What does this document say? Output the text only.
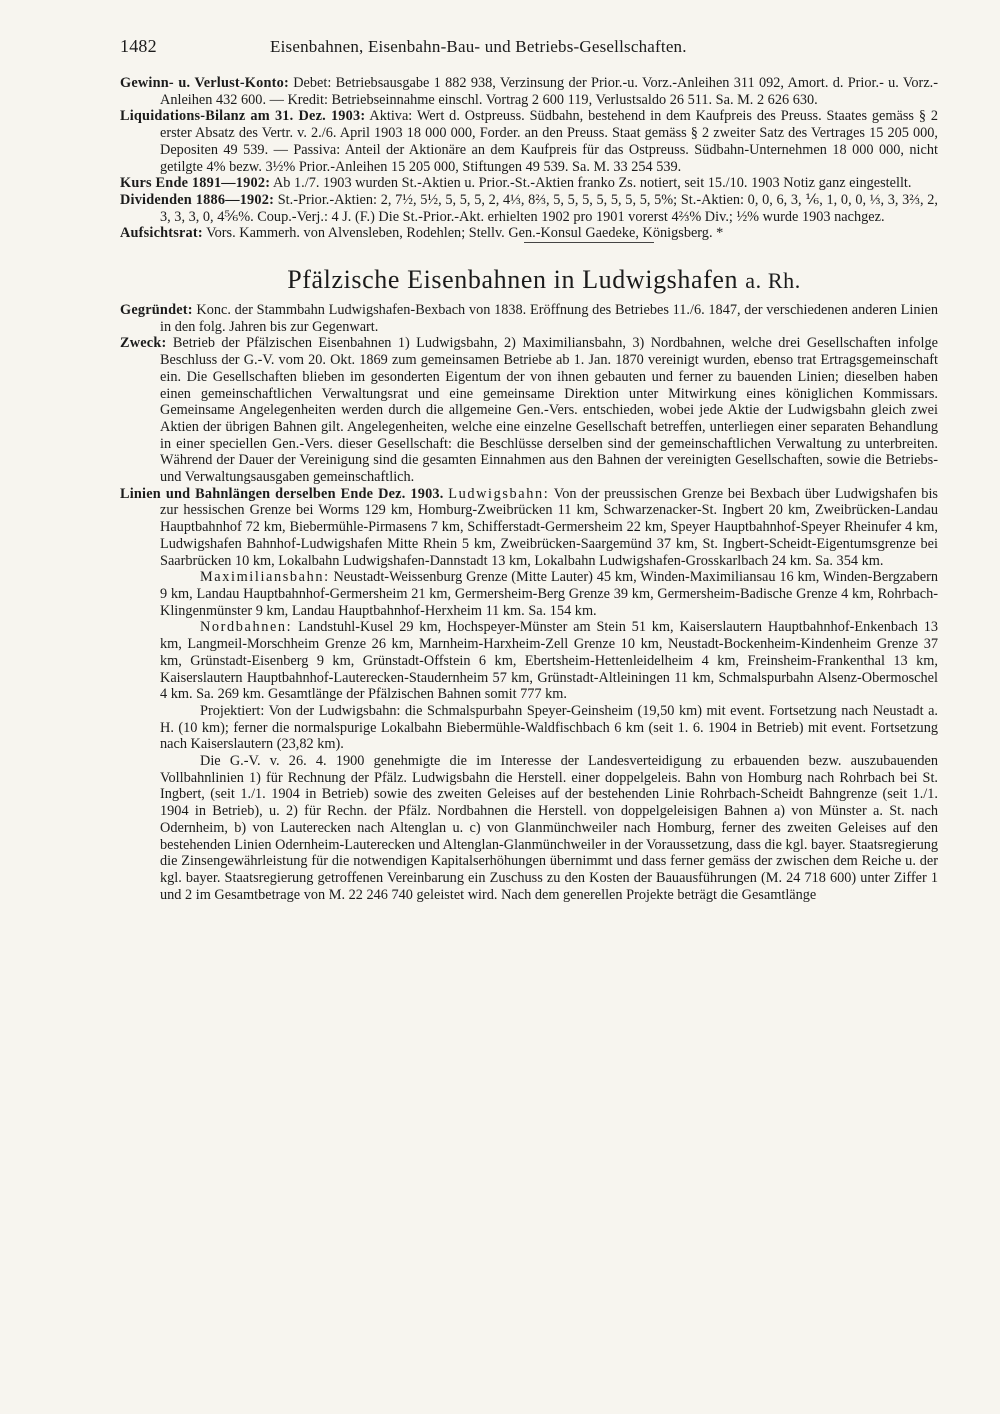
1482	Eisenbahnen, Eisenbahn-Bau- und Betriebs-Gesellschaften.

Gewinn- u. Verlust-Konto: Debet: Betriebsausgabe 1 882 938, Verzinsung der Prior.-u. Vorz.-Anleihen 311 092, Amort. d. Prior.- u. Vorz.-Anleihen 432 600. — Kredit: Betriebseinnahme einschl. Vortrag 2 600 119, Verlustsaldo 26 511. Sa. M. 2 626 630.

Liquidations-Bilanz am 31. Dez. 1903: Aktiva: Wert d. Ostpreuss. Südbahn, bestehend in dem Kaufpreis des Preuss. Staates gemäss § 2 erster Absatz des Vertr. v. 2./6. April 1903 18 000 000, Forder. an den Preuss. Staat gemäss § 2 zweiter Satz des Vertrages 15 205 000, Depositen 49 539. — Passiva: Anteil der Aktionäre an dem Kaufpreis für das Ostpreuss. Südbahn-Unternehmen 18 000 000, nicht getilgte 4% bezw. 3½% Prior.-Anleihen 15 205 000, Stiftungen 49 539. Sa. M. 33 254 539.

Kurs Ende 1891—1902: Ab 1./7. 1903 wurden St.-Aktien u. Prior.-St.-Aktien franko Zs. notiert, seit 15./10. 1903 Notiz ganz eingestellt.

Dividenden 1886—1902: St.-Prior.-Aktien: 2, 7½, 5½, 5, 5, 5, 2, 4⅓, 8⅔, 5, 5, 5, 5, 5, 5, 5, 5%; St.-Aktien: 0, 0, 6, 3, ⅙, 1, 0, 0, ⅓, 3, 3⅔, 2, 3, 3, 3, 0, 4⅚%. Coup.-Verj.: 4 J. (F.) Die St.-Prior.-Akt. erhielten 1902 pro 1901 vorerst 4⅔% Div.; ½% wurde 1903 nachgez.

Aufsichtsrat: Vors. Kammerh. von Alvensleben, Rodehlen; Stellv. Gen.-Konsul Gaedeke, Königsberg. *

Pfälzische Eisenbahnen in Ludwigshafen a. Rh.

Gegründet: Konc. der Stammbahn Ludwigshafen-Bexbach von 1838. Eröffnung des Betriebes 11./6. 1847, der verschiedenen anderen Linien in den folg. Jahren bis zur Gegenwart.

Zweck: Betrieb der Pfälzischen Eisenbahnen 1) Ludwigsbahn, 2) Maximiliansbahn, 3) Nordbahnen, welche drei Gesellschaften infolge Beschluss der G.-V. vom 20. Okt. 1869 zum gemeinsamen Betriebe ab 1. Jan. 1870 vereinigt wurden, ebenso trat Ertragsgemeinschaft ein. Die Gesellschaften blieben im gesonderten Eigentum der von ihnen gebauten und ferner zu bauenden Linien; dieselben haben einen gemeinschaftlichen Verwaltungsrat und eine gemeinsame Direktion unter Mitwirkung eines königlichen Kommissars. Gemeinsame Angelegenheiten werden durch die allgemeine Gen.-Vers. entschieden, wobei jede Aktie der Ludwigsbahn gleich zwei Aktien der übrigen Bahnen gilt. Angelegenheiten, welche eine einzelne Gesellschaft betreffen, unterliegen einer separaten Behandlung in einer speciellen Gen.-Vers. dieser Gesellschaft: die Beschlüsse derselben sind der gemeinschaftlichen Verwaltung zu unterbreiten. Während der Dauer der Vereinigung sind die gesamten Einnahmen aus den Bahnen der vereinigten Gesellschaften, sowie die Betriebs- und Verwaltungsausgaben gemeinschaftlich.

Linien und Bahnlängen derselben Ende Dez. 1903. Ludwigsbahn: Von der preussischen Grenze bei Bexbach über Ludwigshafen bis zur hessischen Grenze bei Worms 129 km, Homburg-Zweibrücken 11 km, Schwarzenacker-St. Ingbert 20 km, Zweibrücken-Landau Hauptbahnhof 72 km, Biebermühle-Pirmasens 7 km, Schifferstadt-Germersheim 22 km, Speyer Hauptbahnhof-Speyer Rheinufer 4 km, Ludwigshafen Bahnhof-Ludwigshafen Mitte Rhein 5 km, Zweibrücken-Saargemünd 37 km, St. Ingbert-Scheidt-Eigentumsgrenze bei Saarbrücken 10 km, Lokalbahn Ludwigshafen-Dannstadt 13 km, Lokalbahn Ludwigshafen-Grosskarlbach 24 km. Sa. 354 km.

Maximiliansbahn: Neustadt-Weissenburg Grenze (Mitte Lauter) 45 km, Winden-Maximiliansau 16 km, Winden-Bergzabern 9 km, Landau Hauptbahnhof-Germersheim 21 km, Germersheim-Berg Grenze 39 km, Germersheim-Badische Grenze 4 km, Rohrbach-Klingenmünster 9 km, Landau Hauptbahnhof-Herxheim 11 km. Sa. 154 km.

Nordbahnen: Landstuhl-Kusel 29 km, Hochspeyer-Münster am Stein 51 km, Kaiserslautern Hauptbahnhof-Enkenbach 13 km, Langmeil-Morschheim Grenze 26 km, Marnheim-Harxheim-Zell Grenze 10 km, Neustadt-Bockenheim-Kindenheim Grenze 37 km, Grünstadt-Eisenberg 9 km, Grünstadt-Offstein 6 km, Ebertsheim-Hettenleidelheim 4 km, Freinsheim-Frankenthal 13 km, Kaiserslautern Hauptbahnhof-Lauterecken-Staudernheim 57 km, Grünstadt-Altleiningen 11 km, Schmalspurbahn Alsenz-Obermoschel 4 km. Sa. 269 km. Gesamtlänge der Pfälzischen Bahnen somit 777 km.

Projektiert: Von der Ludwigsbahn: die Schmalspurbahn Speyer-Geinsheim (19,50 km) mit event. Fortsetzung nach Neustadt a. H. (10 km); ferner die normalspurige Lokalbahn Biebermühle-Waldfischbach 6 km (seit 1. 6. 1904 in Betrieb) mit event. Fortsetzung nach Kaiserslautern (23,82 km).

Die G.-V. v. 26. 4. 1900 genehmigte die im Interesse der Landesverteidigung zu erbauenden bezw. auszubauenden Vollbahnlinien 1) für Rechnung der Pfälz. Ludwigsbahn die Herstell. einer doppelgeleis. Bahn von Homburg nach Rohrbach bei St. Ingbert, (seit 1./1. 1904 in Betrieb) sowie des zweiten Geleises auf der bestehenden Linie Rohrbach-Scheidt Bahngrenze (seit 1./1. 1904 in Betrieb), u. 2) für Rechn. der Pfälz. Nordbahnen die Herstell. von doppelgeleisigen Bahnen a) von Münster a. St. nach Odernheim, b) von Lauterecken nach Altenglan u. c) von Glanmünchweiler nach Homburg, ferner des zweiten Geleises auf den bestehenden Linien Odernheim-Lauterecken und Altenglan-Glanmünchweiler in der Voraussetzung, dass die kgl. bayer. Staatsregierung die Zinsengewährleistung für die notwendigen Kapitalserhöhungen übernimmt und dass ferner gemäss der zwischen dem Reiche u. der kgl. bayer. Staatsregierung getroffenen Vereinbarung ein Zuschuss zu den Kosten der Bauausführungen (M. 24 718 600) unter Ziffer 1 und 2 im Gesamtbetrage von M. 22 246 740 geleistet wird. Nach dem generellen Projekte beträgt die Gesamtlänge
